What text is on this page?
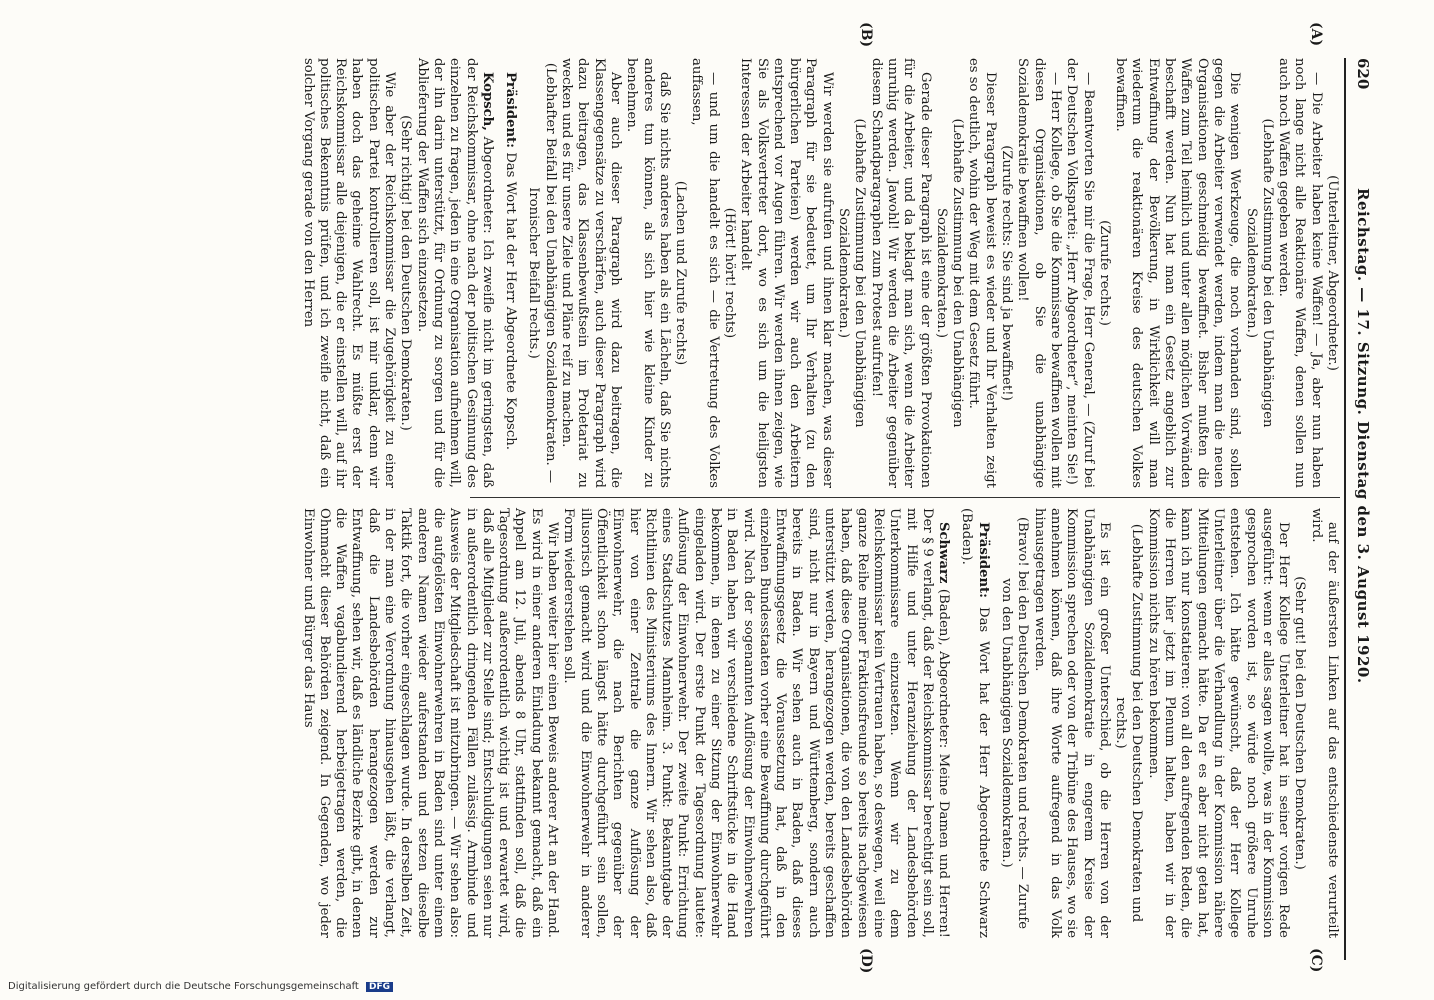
620
Reichstag. — 17. Sitzung. Dienstag den 3. August 1920.
(A)
(B)
(C)
(D)

(Unterleitner, Abgeordneter.)

— Die Arbeiter haben keine Waffen! — Ja, aber nun haben noch lange nicht alle Reaktionäre Waffen, denen sollen nun auch noch Waffen gegeben werden.

(Lebhafte Zustimmung bei den Unabhängigen Sozialdemokraten.)

Die wenigen Werkzeuge, die noch vorhanden sind, sollen gegen die Arbeiter verwendet werden, indem man die neuen Organisationen geschmeidig bewaffnet. Bisher mußten die Waffen zum Teil heimlich und unter allen möglichen Vorwänden beschafft werden. Nun hat man ein Gesetz angeblich zur Entwaffnung der Bevölkerung, in Wirklichkeit will man wiederum die reaktionären Kreise des deutschen Volkes bewaffnen.

(Zurufe rechts.)

— Beantworten Sie mir die Frage, Herr General, — (Zuruf bei der Deutschen Volkspartei: „Herr Abgeordneter“, meinten Sie!)

— Herr Kollege, ob Sie die Kommissare bewaffnen wollen mit diesen Organisationen, ob Sie die unabhängige Sozialdemokratie bewaffnen wollen!

(Zurufe rechts: Sie sind ja bewaffnet!)

Dieser Paragraph beweist es wieder und Ihr Verhalten zeigt es so deutlich, wohin der Weg mit dem Gesetz führt.

(Lebhafte Zustimmung bei den Unabhängigen Sozialdemokraten.)

Gerade dieser Paragraph ist eine der größten Provokationen für die Arbeiter, und da beklagt man sich, wenn die Arbeiter unruhig werden. Jawohl! Wir werden die Arbeiter gegenüber diesem Schandparagraphen zum Protest aufrufen!

(Lebhafte Zustimmung bei den Unabhängigen Sozialdemokraten.)

Wir werden sie aufrufen und ihnen klar machen, was dieser Paragraph für sie bedeutet, um Ihr Verhalten (zu den bürgerlichen Parteien) werden wir auch den Arbeitern entsprechend vor Augen führen. Wir werden ihnen zeigen, wie Sie als Volksvertreter dort, wo es sich um die heiligsten Interessen der Arbeiter handelt

(Hört! hört! rechts)

— und um die handelt es sich — die Vertretung des Volkes auffassen,

(Lachen und Zurufe rechts)

daß Sie nichts anderes haben als ein Lächeln, daß Sie nichts anderes tun können, als sich hier wie kleine Kinder zu benehmen.

Aber auch dieser Paragraph wird dazu beitragen, die Klassengegensätze zu verschärfen, auch dieser Paragraph wird dazu beitragen, das Klassenbewußtsein im Proletariat zu wecken und es für unsere Ziele und Pläne reif zu machen.

(Lebhafter Beifall bei den Unabhängigen Sozialdemokraten. — Ironischer Beifall rechts.)

Präsident: Das Wort hat der Herr Abgeordnete Kopsch.

Kopsch, Abgeordneter: Ich zweifle nicht im geringsten, daß der Reichskommissar, ohne nach der politischen Gesinnung des einzelnen zu fragen, jeden in eine Organisation aufnehmen will, der ihn darin unterstützt, für Ordnung zu sorgen und für die Ablieferung der Waffen sich einzusetzen.

(Sehr richtig! bei den Deutschen Demokraten.)

Wie aber der Reichskommissar die Zugehörigkeit zu einer politischen Partei kontrollieren soll, ist mir unklar, denn wir haben doch das geheime Wahlrecht. Es müßte erst der Reichskommissar alle diejenigen, die er einstellen will, auf ihr politisches Bekenntnis prüfen, und ich zweifle nicht, daß ein solcher Vorgang gerade von den Herren

auf der äußersten Linken auf das entschiedenste verurteilt wird.

(Sehr gut! bei den Deutschen Demokraten.)

Der Herr Kollege Unterleitner hat in seiner vorigen Rede ausgeführt: wenn er alles sagen wollte, was in der Kommission gesprochen worden ist, so würde noch größere Unruhe entstehen. Ich hätte gewünscht, daß der Herr Kollege Unterleitner über die Verhandlung in der Kommission nähere Mitteilungen gemacht hätte. Da er es aber nicht getan hat, kann ich nur konstatieren: von all den aufregenden Reden, die die Herren hier jetzt im Plenum halten, haben wir in der Kommission nichts zu hören bekommen.

(Lebhafte Zustimmung bei den Deutschen Demokraten und rechts.)

Es ist ein großer Unterschied, ob die Herren von der Unabhängigen Sozialdemokratie in engerem Kreise der Kommission sprechen oder von der Tribüne des Hauses, wo sie annehmen können, daß ihre Worte aufregend in das Volk hinausgetragen werden.

(Bravo! bei den Deutschen Demokraten und rechts. — Zurufe von den Unabhängigen Sozialdemokraten.)

Präsident: Das Wort hat der Herr Abgeordnete Schwarz (Baden).

Schwarz (Baden), Abgeordneter: Meine Damen und Herren! Der § 9 verlangt, daß der Reichskommissar berechtigt sein soll, mit Hilfe und unter Heranziehung der Landesbehörden Unterkommissare einzusetzen. Wenn wir zu dem Reichskommissar kein Vertrauen haben, so deswegen, weil eine ganze Reihe meiner Fraktionsfreunde so bereits nachgewiesen haben, daß diese Organisationen, die von den Landesbehörden unterstützt werden, herangezogen werden, bereits geschaffen sind, nicht nur in Bayern und Württemberg, sondern auch bereits in Baden. Wir sehen auch in Baden, daß dieses Entwaffnungsgesetz die Voraussetzung hat, daß in den einzelnen Bundesstaaten vorher eine Bewaffnung durchgeführt wird. Nach der sogenannten Auflösung der Einwohnerwehren in Baden haben wir verschiedene Schriftstücke in die Hand bekommen, in denen zu einer Sitzung der Einwohnerwehr eingeladen wird. Der erste Punkt der Tagesordnung lautete: Auflösung der Einwohnerwehr. Der zweite Punkt: Errichtung eines Stadtschutzes Mannheim. 3. Punkt: Bekanntgabe der Richtlinien des Ministeriums des Innern. Wir sehen also, daß hier von einer Zentrale die ganze Auflösung der Einwohnerwehr, die nach Berichten gegenüber der Öffentlichkeit schon längst hätte durchgeführt sein sollen, illusorisch gemacht wird und die Einwohnerwehr in anderer Form wiedererstehen soll.

Wir haben weiter hier einen Beweis anderer Art an der Hand. Es wird in einer anderen Einladung bekannt gemacht, daß ein Appell am 12. Juli, abends 8 Uhr, stattfinden soll, daß die Tagesordnung außerordentlich wichtig ist und erwartet wird, daß alle Mitglieder zur Stelle sind; Entschuldigungen seien nur in außerordentlich dringenden Fällen zulässig. Armbinde und Ausweis der Mitgliedschaft ist mitzubringen. — Wir sehen also: die aufgelösten Einwohnerwehren in Baden sind unter einem anderen Namen wieder auferstanden und setzen dieselbe Taktik fort, die vorher eingeschlagen wurde. In derselben Zeit, in der man eine Verordnung hinausgehen läßt, die verlangt, daß die Landesbehörden herangezogen werden zur Entwaffnung, sehen wir, daß es ländliche Bezirke gibt, in denen die Waffen vagabundierend herbeigetragen werden, die Ohnmacht dieser Behörden zeigend. In Gegenden, wo jeder Einwohner und Bürger das Haus

Digitalisierung gefördert durch die Deutsche Forschungsgemeinschaft DFG
